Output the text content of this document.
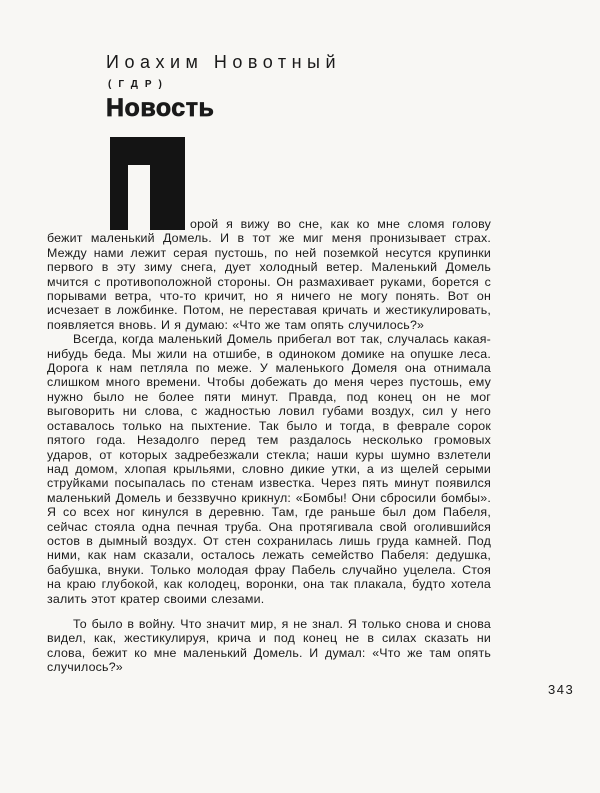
Иоахим Новотный
(ГДР)
Новость

орой я вижу во сне, как ко мне сломя голову бежит маленький Домель. И в тот же миг меня пронизывает страх. Между нами лежит серая пустошь, по ней поземкой несутся крупинки первого в эту зиму снега, дует холодный ветер. Маленький Домель мчится с противоположной стороны. Он размахивает руками, борется с порывами ветра, что-то кричит, но я ничего не могу понять. Вот он исчезает в ложбинке. Потом, не переставая кричать и жестикулировать, появляется вновь. И я думаю: «Что же там опять случилось?»

Всегда, когда маленький Домель прибегал вот так, случалась какая-нибудь беда. Мы жили на отшибе, в одиноком домике на опушке леса. Дорога к нам петляла по меже. У маленького Домеля она отнимала слишком много времени. Чтобы добежать до меня через пустошь, ему нужно было не более пяти минут. Правда, под конец он не мог выговорить ни слова, с жадностью ловил губами воздух, сил у него оставалось только на пыхтение. Так было и тогда, в феврале сорок пятого года. Незадолго перед тем раздалось несколько громовых ударов, от которых задребезжали стекла; наши куры шумно взлетели над домом, хлопая крыльями, словно дикие утки, а из щелей серыми струйками посыпалась по стенам известка. Через пять минут появился маленький Домель и беззвучно крикнул: «Бомбы! Они сбросили бомбы». Я со всех ног кинулся в деревню. Там, где раньше был дом Пабеля, сейчас стояла одна печная труба. Она протягивала свой оголившийся остов в дымный воздух. От стен сохранилась лишь груда камней. Под ними, как нам сказали, осталось лежать семейство Пабеля: дедушка, бабушка, внуки. Только молодая фрау Пабель случайно уцелела. Стоя на краю глубокой, как колодец, воронки, она так плакала, будто хотела залить этот кратер своими слезами.

То было в войну. Что значит мир, я не знал. Я только снова и снова видел, как, жестикулируя, крича и под конец не в силах сказать ни слова, бежит ко мне маленький Домель. И думал: «Что же там опять случилось?»

343
